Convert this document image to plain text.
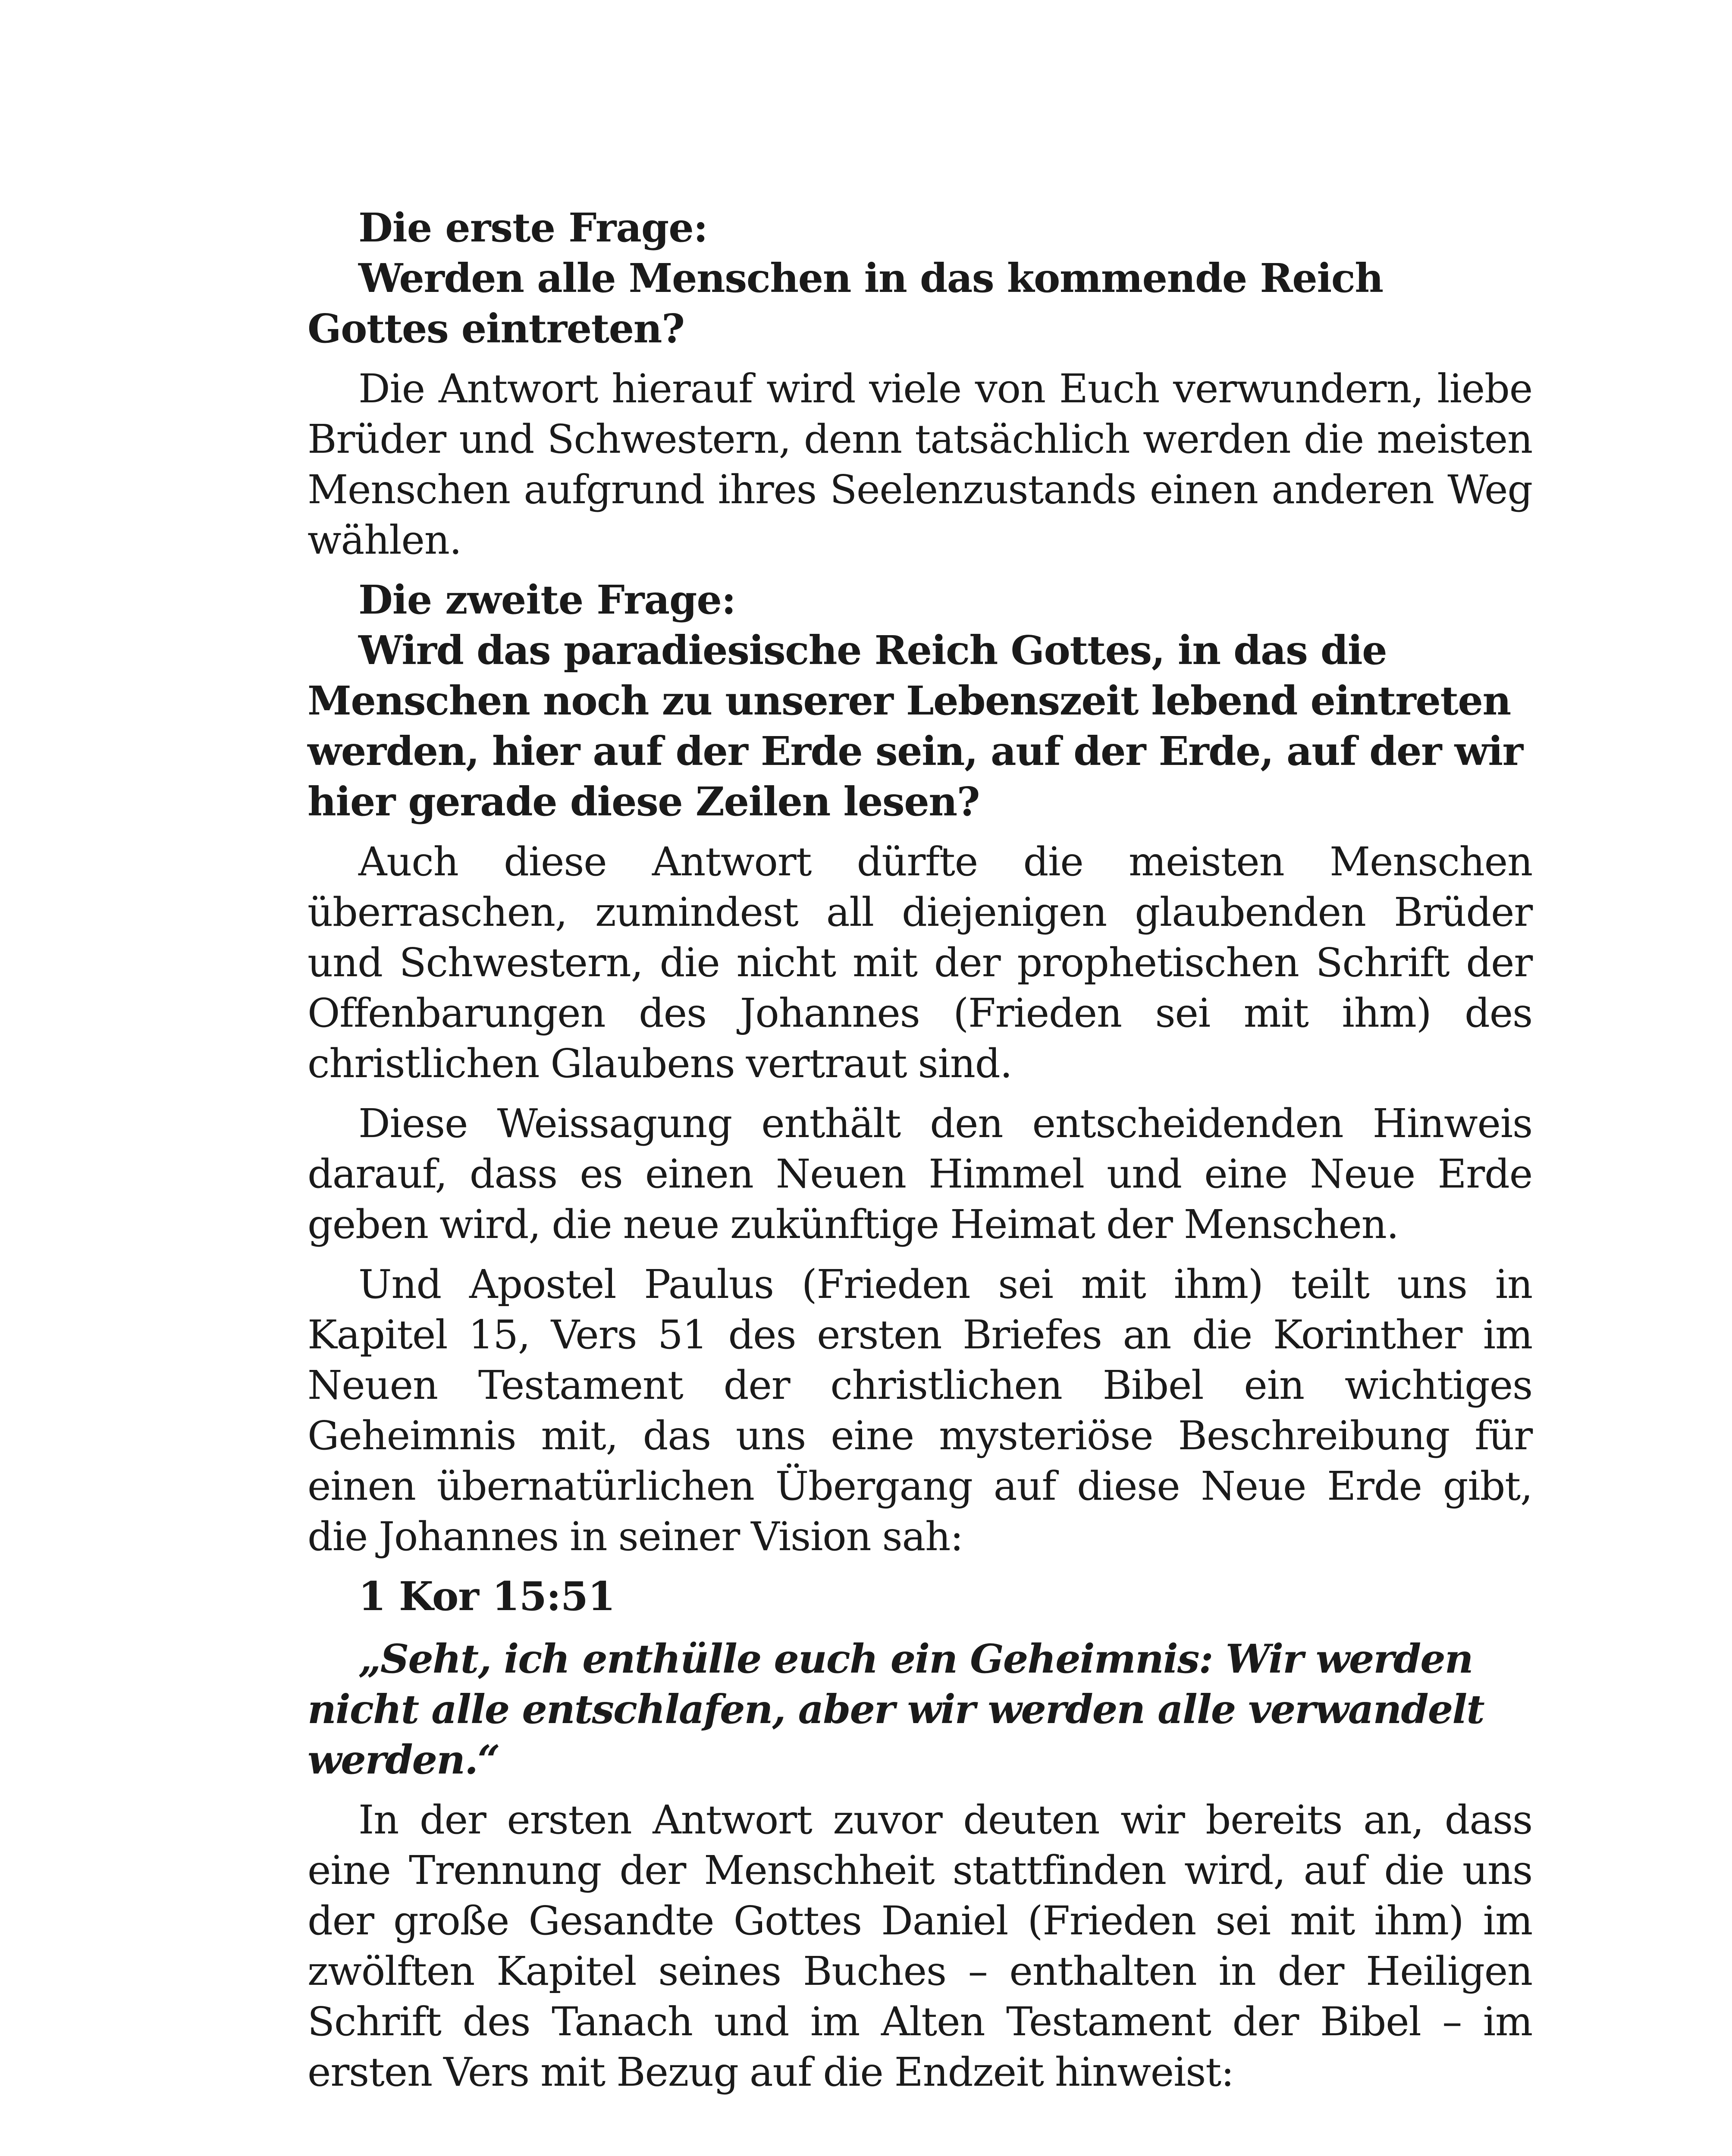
Die erste Frage:
Werden alle Menschen in das kommende Reich Gottes eintreten?

Die Antwort hierauf wird viele von Euch verwundern, liebe Brüder und Schwestern, denn tatsächlich werden die meisten Menschen aufgrund ihres Seelenzustands einen anderen Weg wählen.

Die zweite Frage:
Wird das paradiesische Reich Gottes, in das die Menschen noch zu unserer Lebenszeit lebend eintreten werden, hier auf der Erde sein, auf der Erde, auf der wir hier gerade diese Zeilen lesen?

Auch diese Antwort dürfte die meisten Menschen überraschen, zumindest all diejenigen glaubenden Brüder und Schwestern, die nicht mit der prophetischen Schrift der Offenbarungen des Johannes (Frieden sei mit ihm) des christlichen Glaubens vertraut sind.

Diese Weissagung enthält den entscheidenden Hinweis darauf, dass es einen Neuen Himmel und eine Neue Erde geben wird, die neue zukünftige Heimat der Menschen.

Und Apostel Paulus (Frieden sei mit ihm) teilt uns in Kapitel 15, Vers 51 des ersten Briefes an die Korinther im Neuen Testament der christlichen Bibel ein wichtiges Geheimnis mit, das uns eine mysteriöse Beschreibung für einen übernatürlichen Übergang auf diese Neue Erde gibt, die Johannes in seiner Vision sah:

1 Kor 15:51

„Seht, ich enthülle euch ein Geheimnis: Wir werden nicht alle entschlafen, aber wir werden alle verwandelt werden.“

In der ersten Antwort zuvor deuten wir bereits an, dass eine Trennung der Menschheit stattfinden wird, auf die uns der große Gesandte Gottes Daniel (Frieden sei mit ihm) im zwölften Kapitel seines Buches – enthalten in der Heiligen Schrift des Tanach und im Alten Testament der Bibel – im ersten Vers mit Bezug auf die Endzeit hinweist:
